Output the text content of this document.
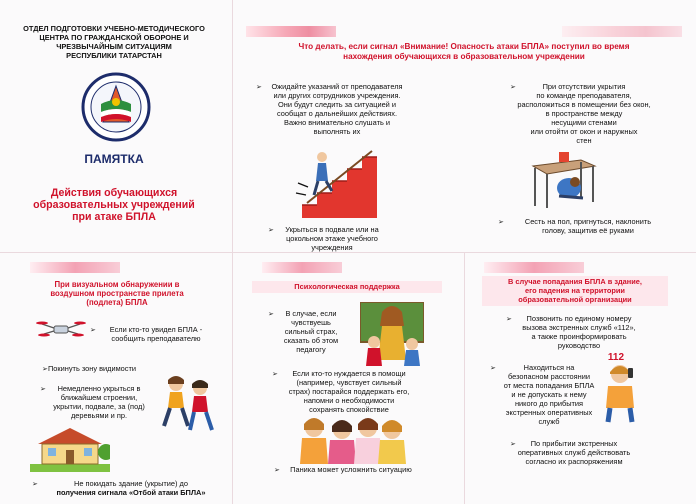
ОТДЕЛ ПОДГОТОВКИ УЧЕБНО-МЕТОДИЧЕСКОГО
ЦЕНТРА ПО ГРАЖДАНСКОЙ ОБОРОНЕ И
ЧРЕЗВЫЧАЙНЫМ СИТУАЦИЯМ
РЕСПУБЛИКИ ТАТАРСТАН
ПАМЯТКА
Действия обучающихся
образовательных учреждений
при атаке БПЛА
Что делать, если сигнал «Внимание! Опасность атаки БПЛА» поступил во время
нахождения обучающихся в образовательном учреждении
➢	Ожидайте указаний от преподавателя
или других сотрудников учреждения.
Они будут следить за ситуацией и
сообщат о дальнейших действиях.
Важно внимательно слушать и
выполнять их
➢	Укрыться в подвале или на
цокольном этаже учебного
учреждения
➢	При отсутствии укрытия
по команде преподавателя,
расположиться в помещении без окон,
в пространстве между
несущими стенами
или отойти от окон и наружных
стен
➢	Сесть на пол, пригнуться, наклонить
голову, защитив её руками
При визуальном обнаружении в
воздушном пространстве прилета
(подлета) БПЛА
➢	Если кто-то увидел БПЛА -
сообщить преподавателю
➢ Покинуть зону видимости
➢	Немедленно укрыться в
ближайшем строении,
укрытии, подвале, за (под)
деревьями и пр.
➢	Не покидать здание (укрытие) до
получения сигнала «Отбой атаки БПЛА»
Психологическая поддержка
➢	В случае, если
чувствуешь
сильный страх,
сказать об этом
педагогу
➢	Если кто-то нуждается в помощи
(например, чувствует сильный
страх) постарайся поддержать его,
напомни о необходимости
сохранять спокойствие
➢	Паника может усложнить ситуацию
В случае попадания БПЛА в здание,
его падения на территории
образовательной организации
➢	Позвонить по единому номеру
вызова экстренных служб «112»,
а также проинформировать
руководство
112
➢	Находиться на
безопасном расстоянии
от места попадания БПЛА
и не допускать к нему
никого до прибытия
экстренных оперативных
служб
➢	По прибытии экстренных
оперативных служб действовать
согласно их распоряжениям
